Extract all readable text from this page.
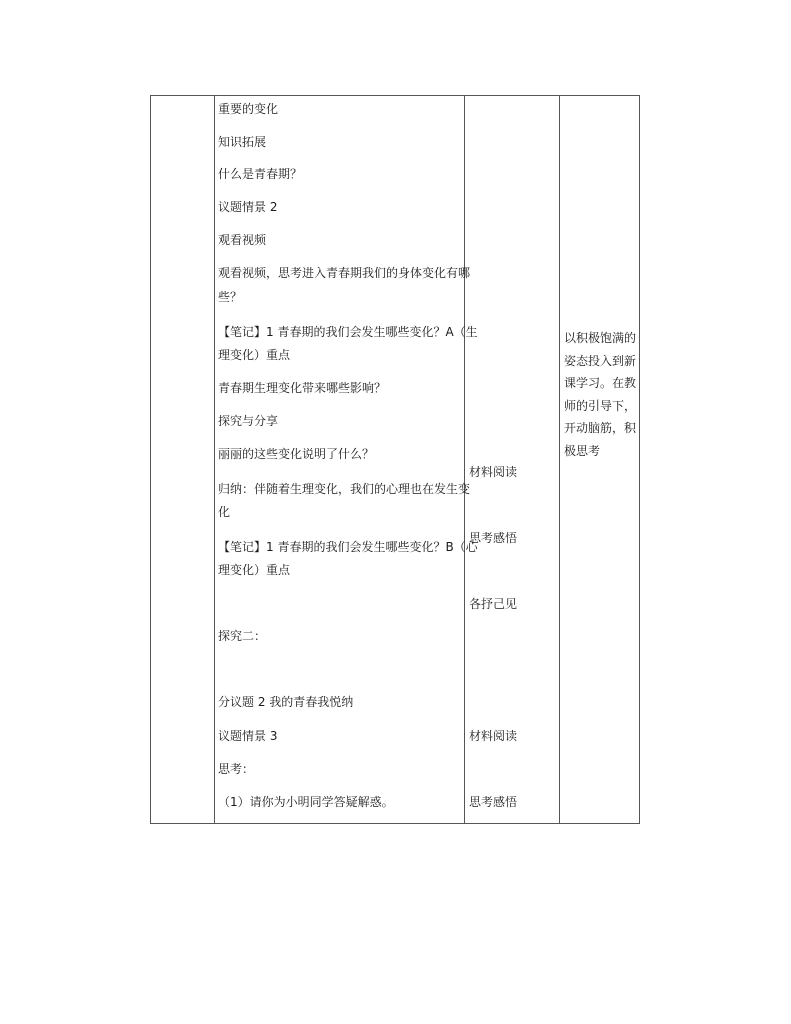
重要的变化
知识拓展
什么是青春期？
议题情景 2
观看视频
观看视频，思考进入青春期我们的身体变化有哪
些？
【笔记】1 青春期的我们会发生哪些变化？A（生
理变化）重点
青春期生理变化带来哪些影响？
探究与分享
丽丽的这些变化说明了什么？
归纳：伴随着生理变化，我们的心理也在发生变
化
【笔记】1 青春期的我们会发生哪些变化？B（心
理变化）重点
探究二：
分议题 2 我的青春我悦纳
议题情景 3
思考：
（1）请你为小明同学答疑解惑。
材料阅读
思考感悟
各抒己见
材料阅读
思考感悟
以积极饱满的
姿态投入到新
课学习。在教
师的引导下，
开动脑筋，积
极思考
